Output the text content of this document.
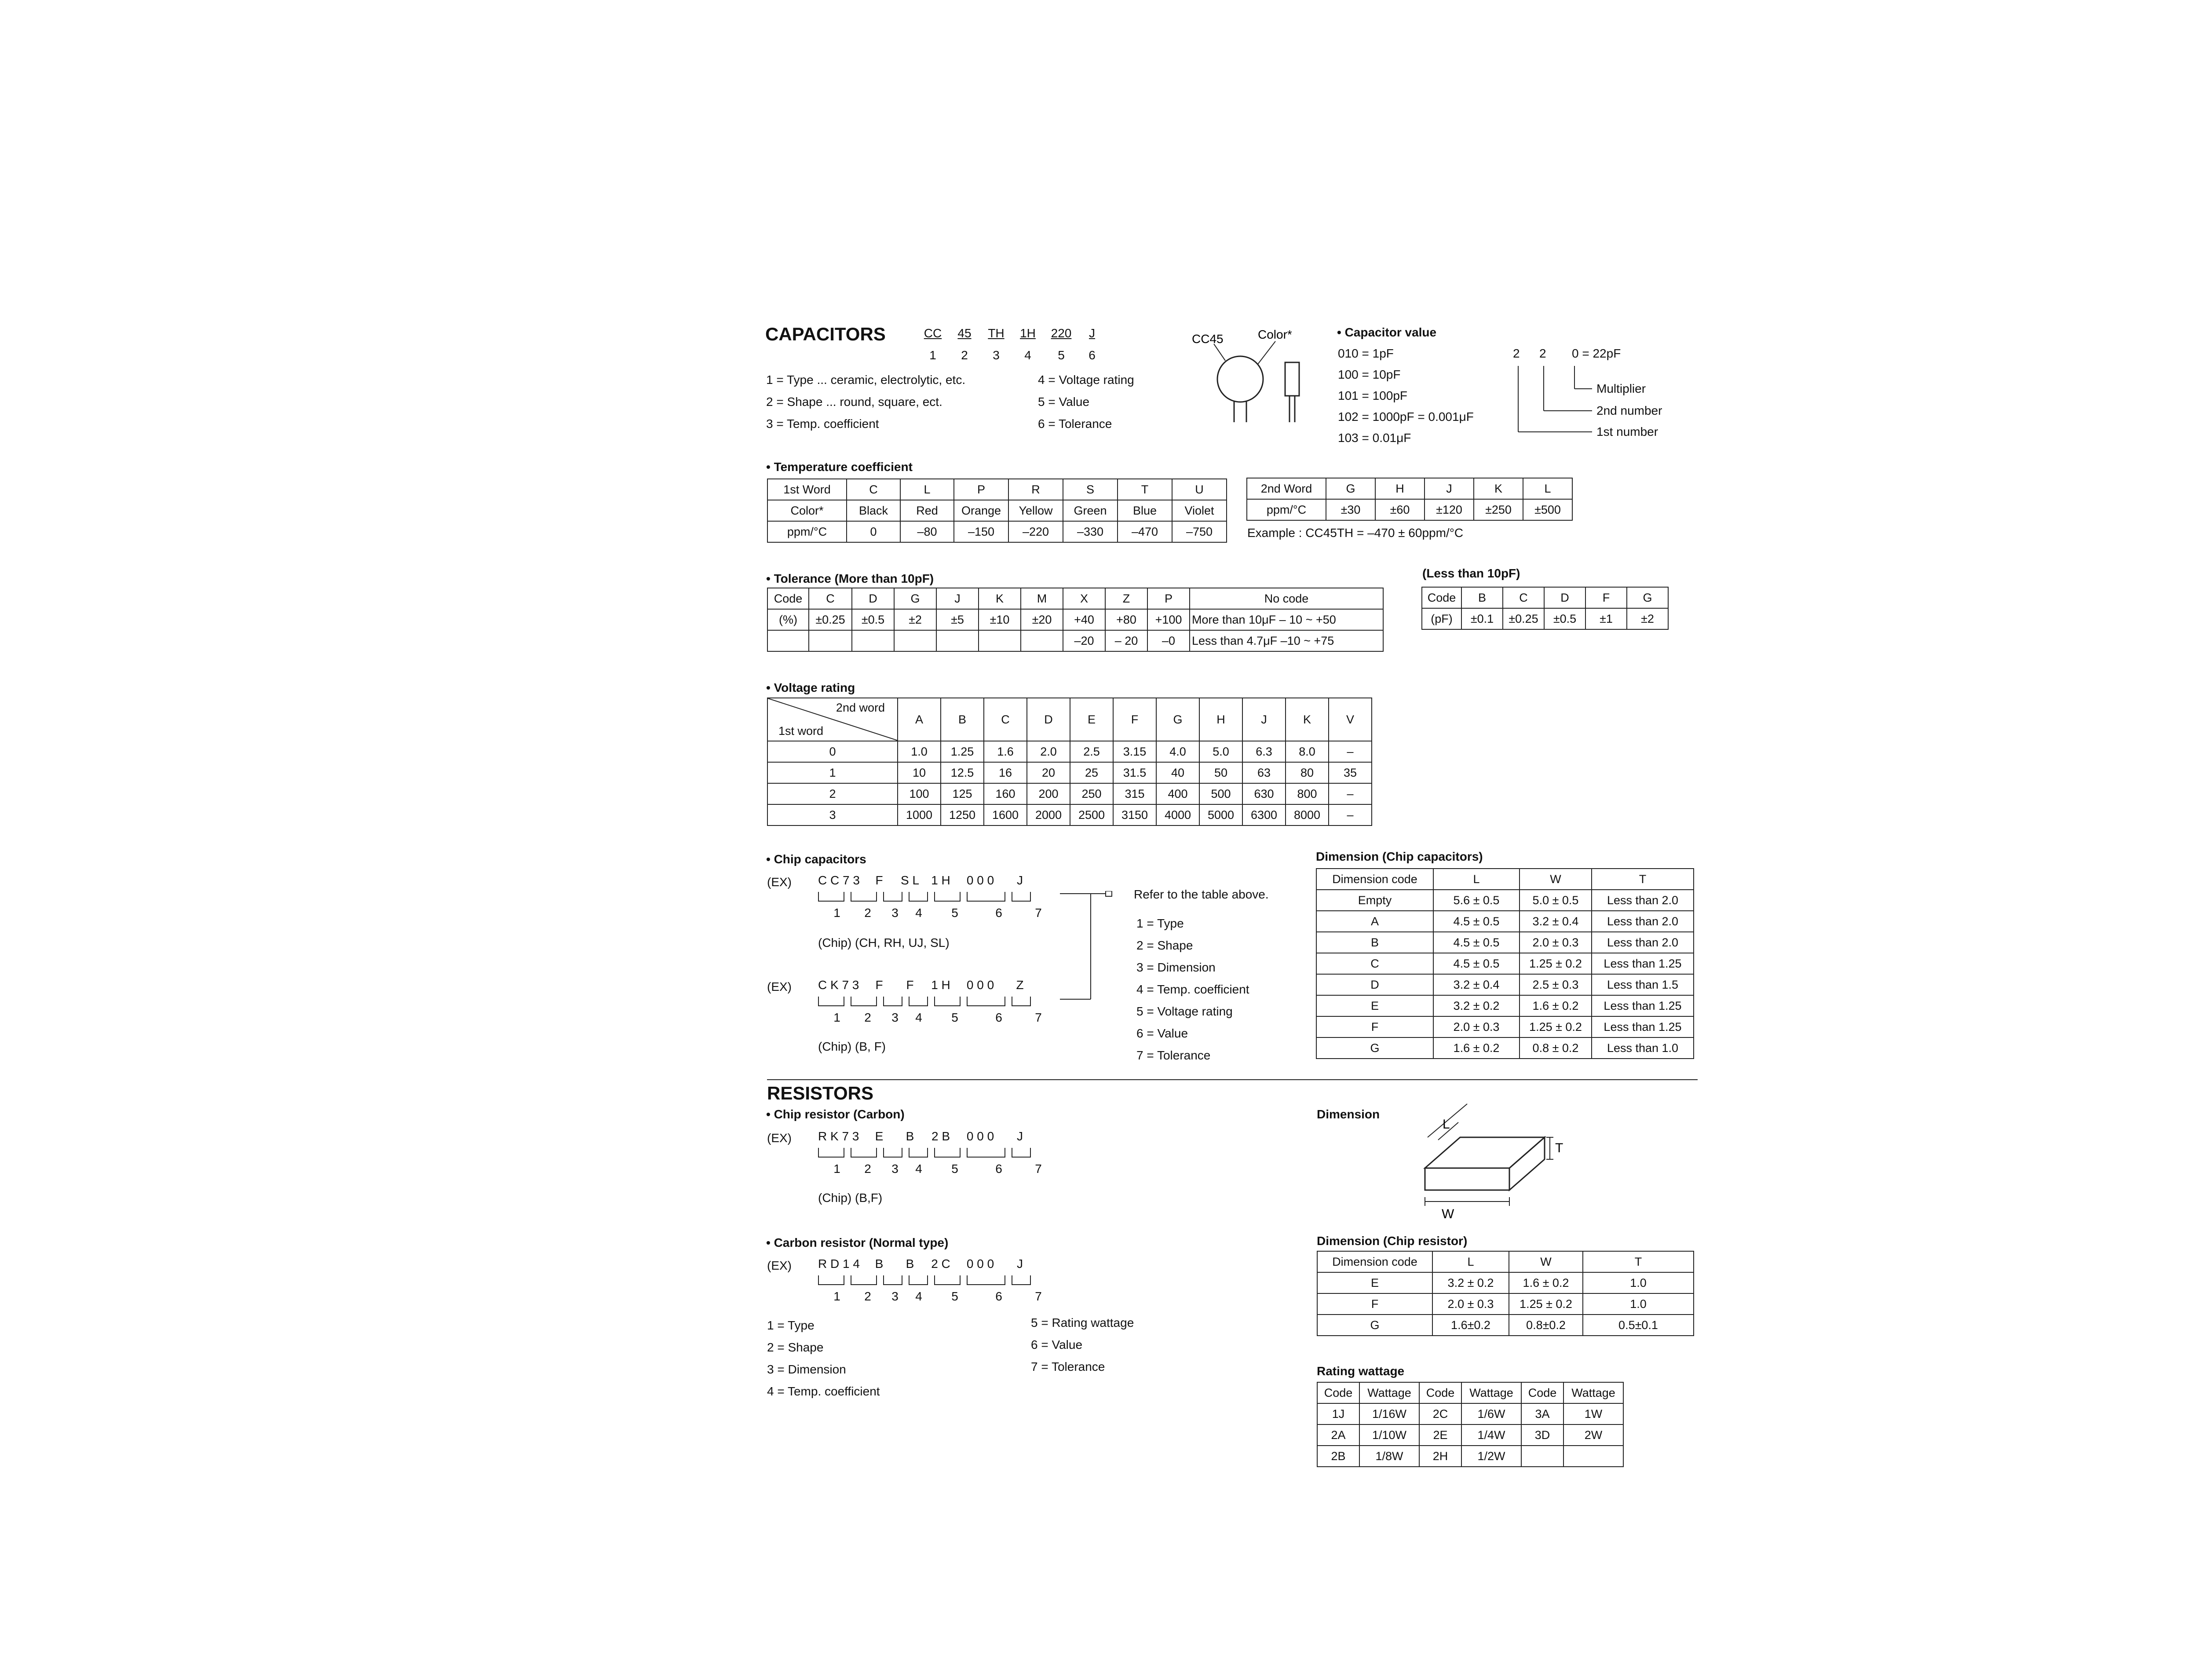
CAPACITORS	CC 45 TH 1H 220 J
1 2 3 4 5 6
1 = Type ... ceramic, electrolytic, etc.
2 = Shape ... round, square, ect.
3 = Temp. coefficient
4 = Voltage rating
5 = Value
6 = Tolerance
CC45	Color*	• Capacitor value
010 = 1pF
100 = 10pF
101 = 100pF
102 = 1000pF = 0.001μF
103 = 0.01μF
2 2 0 = 22pF
Multiplier
2nd number
1st number
• Temperature coefficient
1st Word	C	L	P	R	S	T	U
Color*	Black	Red	Orange	Yellow	Green	Blue	Violet
ppm/°C	0	–80	–150	–220	–330	–470	–750
2nd Word	G	H	J	K	L
ppm/°C	±30	±60	±120	±250	±500
Example : CC45TH = –470 ± 60ppm/°C
• Tolerance (More than 10pF)
Code	C	D	G	J	K	M	X	Z	P	No code
(%)	±0.25	±0.5	±2	±5	±10	±20	+40	+80	+100	More than 10μF – 10 ~ +50
							–20	– 20	–0	Less than 4.7μF –10 ~ +75
(Less than 10pF)
Code	B	C	D	F	G
(pF)	±0.1	±0.25	±0.5	±1	±2
• Voltage rating
2nd word
1st word	A	B	C	D	E	F	G	H	J	K	V
0	1.0	1.25	1.6	2.0	2.5	3.15	4.0	5.0	6.3	8.0	–
1	10	12.5	16	20	25	31.5	40	50	63	80	35
2	100	125	160	200	250	315	400	500	630	800	–
3	1000	1250	1600	2000	2500	3150	4000	5000	6300	8000	–
• Chip capacitors
(EX) C C 7 3 F S L 1 H 0 0 0 J
1 2 3 4 5	6	7
(Chip) (CH, RH, UJ, SL)
(EX) C K 7 3 F F 1 H 0 0 0 Z
1 2 3 4 5	6	7
(Chip) (B, F)
Refer to the table above.
1 = Type
2 = Shape
3 = Dimension
4 = Temp. coefficient
5 = Voltage rating
6 = Value
7 = Tolerance
Dimension (Chip capacitors)
Dimension code	L	W	T
Empty	5.6 ± 0.5	5.0 ± 0.5	Less than 2.0
A	4.5 ± 0.5	3.2 ± 0.4	Less than 2.0
B	4.5 ± 0.5	2.0 ± 0.3	Less than 2.0
C	4.5 ± 0.5	1.25 ± 0.2	Less than 1.25
D	3.2 ± 0.4	2.5 ± 0.3	Less than 1.5
E	3.2 ± 0.2	1.6 ± 0.2	Less than 1.25
F	2.0 ± 0.3	1.25 ± 0.2	Less than 1.25
G	1.6 ± 0.2	0.8 ± 0.2	Less than 1.0
RESISTORS
• Chip resistor (Carbon)
(EX) R K 7 3 E B 2 B 0 0 0 J
1 2 3 4 5	6	7
(Chip) (B,F)
• Carbon resistor (Normal type)
(EX) R D 1 4 B B 2 C 0 0 0 J
1 2 3 4 5	6	7
1 = Type
2 = Shape
3 = Dimension
4 = Temp. coefficient
5 = Rating wattage
6 = Value
7 = Tolerance
Dimension
L
W
T
Dimension (Chip resistor)
Dimension code	L	W	T
E	3.2 ± 0.2	1.6 ± 0.2	1.0
F	2.0 ± 0.3	1.25 ± 0.2	1.0
G	1.6±0.2	0.8±0.2	0.5±0.1
Rating wattage
Code	Wattage	Code	Wattage	Code	Wattage
1J	1/16W	2C	1/6W	3A	1W
2A	1/10W	2E	1/4W	3D	2W
2B	1/8W	2H	1/2W		
